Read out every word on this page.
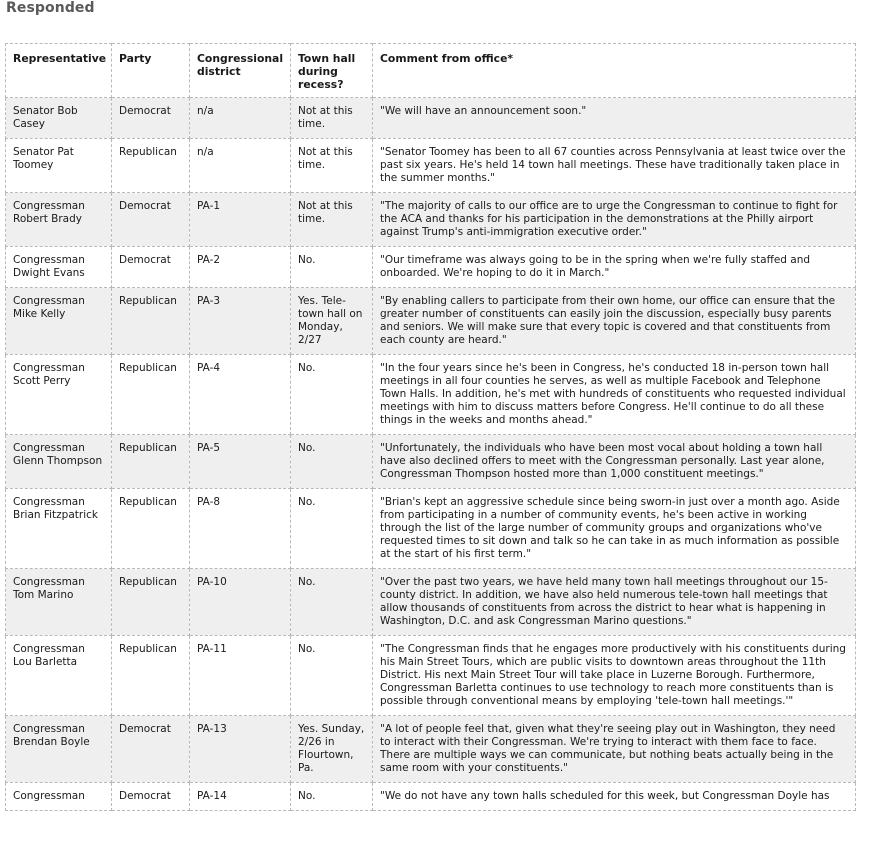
Responded
Representative	Party	Congressional district	Town hall during recess?	Comment from office*
Senator Bob Casey	Democrat	n/a	Not at this time.	"We will have an announcement soon."
Senator Pat Toomey	Republican	n/a	Not at this time.	"Senator Toomey has been to all 67 counties across Pennsylvania at least twice over the past six years. He's held 14 town hall meetings. These have traditionally taken place in the summer months."
Congressman Robert Brady	Democrat	PA-1	Not at this time.	"The majority of calls to our office are to urge the Congressman to continue to fight for the ACA and thanks for his participation in the demonstrations at the Philly airport against Trump's anti-immigration executive order."
Congressman Dwight Evans	Democrat	PA-2	No.	"Our timeframe was always going to be in the spring when we're fully staffed and onboarded. We're hoping to do it in March."
Congressman Mike Kelly	Republican	PA-3	Yes. Tele-town hall on Monday, 2/27	"By enabling callers to participate from their own home, our office can ensure that the greater number of constituents can easily join the discussion, especially busy parents and seniors. We will make sure that every topic is covered and that constituents from each county are heard."
Congressman Scott Perry	Republican	PA-4	No.	"In the four years since he's been in Congress, he's conducted 18 in-person town hall meetings in all four counties he serves, as well as multiple Facebook and Telephone Town Halls. In addition, he's met with hundreds of constituents who requested individual meetings with him to discuss matters before Congress. He'll continue to do all these things in the weeks and months ahead."
Congressman Glenn Thompson	Republican	PA-5	No.	"Unfortunately, the individuals who have been most vocal about holding a town hall have also declined offers to meet with the Congressman personally. Last year alone, Congressman Thompson hosted more than 1,000 constituent meetings."
Congressman Brian Fitzpatrick	Republican	PA-8	No.	"Brian's kept an aggressive schedule since being sworn-in just over a month ago. Aside from participating in a number of community events, he's been active in working through the list of the large number of community groups and organizations who've requested times to sit down and talk so he can take in as much information as possible at the start of his first term."
Congressman Tom Marino	Republican	PA-10	No.	"Over the past two years, we have held many town hall meetings throughout our 15-county district. In addition, we have also held numerous tele-town hall meetings that allow thousands of constituents from across the district to hear what is happening in Washington, D.C. and ask Congressman Marino questions."
Congressman Lou Barletta	Republican	PA-11	No.	"The Congressman finds that he engages more productively with his constituents during his Main Street Tours, which are public visits to downtown areas throughout the 11th District. His next Main Street Tour will take place in Luzerne Borough. Furthermore, Congressman Barletta continues to use technology to reach more constituents than is possible through conventional means by employing 'tele-town hall meetings.'"
Congressman Brendan Boyle	Democrat	PA-13	Yes. Sunday, 2/26 in Flourtown, Pa.	"A lot of people feel that, given what they're seeing play out in Washington, they need to interact with their Congressman. We're trying to interact with them face to face. There are multiple ways we can communicate, but nothing beats actually being in the same room with your constituents."
Congressman	Democrat	PA-14	No.	"We do not have any town halls scheduled for this week, but Congressman Doyle has
